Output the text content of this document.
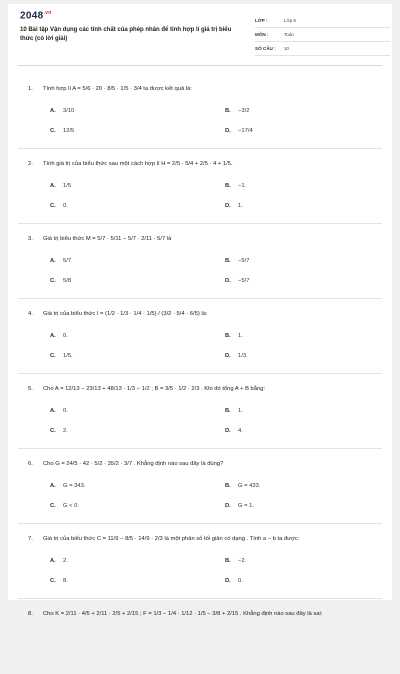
$2048^{.vn}$
10 Bài tập Vận dụng các tính chất của phép nhân để tính hợp lí giá trị biểu thức (có lời giải)
LỚP :	Lớp 6
MÔN :	Toán
SỐ CÂU :	10
1. Tính hợp lí A = 5/6 · 20 · 8/5 · 1/5 · 3/4 ta được kết quả là:
A. 3/10	B. −3/2
C. 12/5	D. −17/4
2. Tính giá trị của biểu thức sau một cách hợp lí H = 2/5 · 5/4 + 2/5 · 4 + 1/5.
A. 1/5	B. −1.
C. 0.	D. 1.
3. Giá trị biểu thức M = 5/7 · 5/11 − 5/7 · 2/11 · 5/7 là
A. 5/7	B. −5/7
C. 5/8	D. −5/7
4. Giá trị của biểu thức I = (1/2 · 1/3 · 1/4 · 1/5) / (3/2 · 5/4 · 6/5) là:
A. 0.	B. 1.
C. 1/5.	D. 1/3.
5. Cho A = 12/13 − 23/13 + 48/13 · 1/3 − 1/2 ; B = 3/5 · 1/2 · 2/3 . Khi đó tổng A + B bằng:
A. 0.	B. 1.
C. 2.	D. 4.
6. Cho G = 24/5 · 42 · 5/2 · 35/2 · 3/7 . Khẳng định nào sau đây là đúng?
A. G = 343.	B. G = 433.
C. G < 0.	D. G = 1.
7. Giá trị của biểu thức C = 11/9 − 8/5 · 14/9 · 2/3 là một phân số tối giản có dạng . Tính a − b ta được:
A. 2.	B. −2.
C. 8.	D. 0.
8. Cho K = 2/11 · 4/5 + 2/11 · 2/5 + 2/15 ; F = 1/3 − 1/4 · 1/12 · 1/5 − 3/8 + 2/15 . Khẳng định nào sau đây là sai:
